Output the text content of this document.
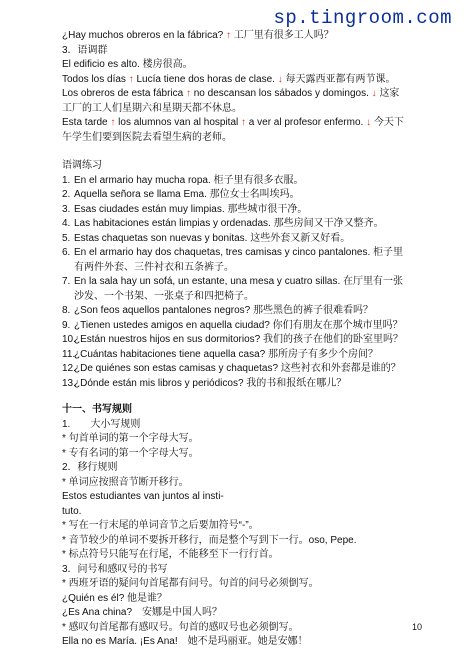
sp.tingroom.com
¿Hay muchos obreros en la fábrica? ↑ 工厂里有很多工人吗？
3．语调群
El edificio es alto. 楼房很高。
Todos los días ↑ Lucía tiene dos horas de clase. ↓ 每天露西亚都有两节课。
Los obreros de esta fábrica ↑ no descansan los sábados y domingos. ↓ 这家
工厂的工人们星期六和星期天都不休息。
Esta tarde ↑ los alumnos van al hospital ↑ a ver al profesor enfermo. ↓ 今天下
午学生们要到医院去看望生病的老师。
语调练习
1. En el armario hay mucha ropa. 柜子里有很多衣服。
2. Aquella señora se llama Ema. 那位女士名叫埃玛。
3. Esas ciudades están muy limpias. 那些城市很干净。
4. Las habitaciones están limpias y ordenadas. 那些房间又干净又整齐。
5. Estas chaquetas son nuevas y bonitas. 这些外套又新又好看。
6. En el armario hay dos chaquetas, tres camisas y cinco pantalones. 柜子里
有两件外套、三件衬衣和五条裤子。
7. En la sala hay un sofá, un estante, una mesa y cuatro sillas. 在厅里有一张
沙发、一个书架、一张桌子和四把椅子。
8. ¿Son feos aquellos pantalones negros? 那些黑色的裤子很难看吗？
9. ¿Tienen ustedes amigos en aquella ciudad? 你们有朋友在那个城市里吗？
10.¿Están nuestros hijos en sus dormitorios? 我们的孩子在他们的卧室里吗？
11.¿Cuántas habitaciones tiene aquella casa? 那所房子有多少个房间？
12.¿De quiénes son estas camisas y chaquetas? 这些衬衣和外套都是谁的？
13.¿Dónde están mis libros y periódicos? 我的书和报纸在哪儿？
十一、书写规则
1.　　大小写规则
* 句首单词的第一个字母大写。
* 专有名词的第一个字母大写。
2．移行规则
* 单词应按照音节断开移行。
Estos estudiantes van juntos al insti-
tuto.
* 写在一行末尾的单词音节之后要加符号“-”。
* 音节较少的单词不要拆开移行，而是整个写到下一行。oso, Pepe.
* 标点符号只能写在行尾，不能移至下一行行首。
3．问号和感叹号的书写
* 西班牙语的疑问句首尾都有问号。句首的问号必须倒写。
¿Quién es él? 他是谁？
¿Es Ana china?　安娜是中国人吗？
* 感叹句首尾都有感叹号。句首的感叹号也必须倒写。
Ella no es María. ¡Es Ana!　她不是玛丽亚。她是安娜！
10
